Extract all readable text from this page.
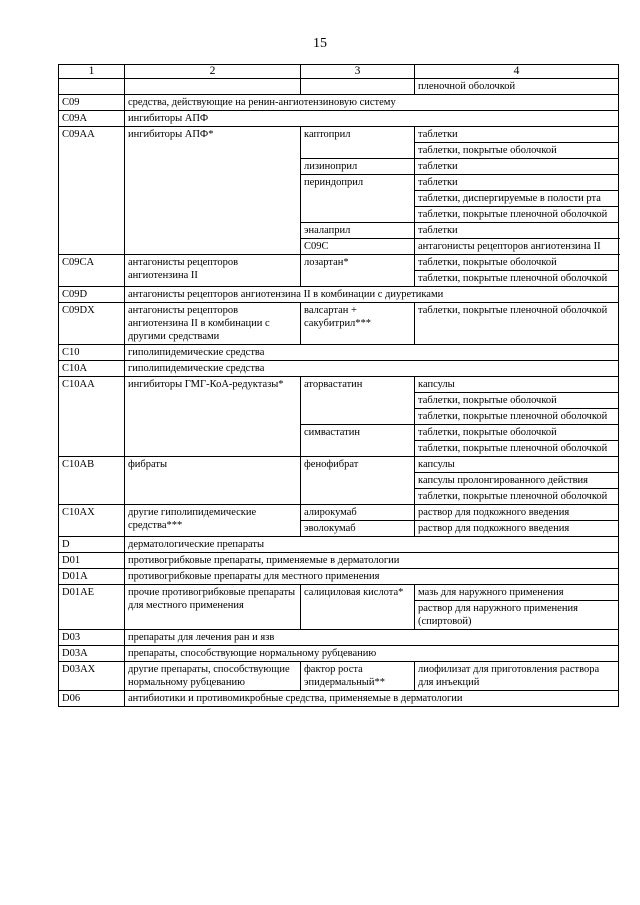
15
1	2	3	4
			пленочной оболочкой
C09	средства, действующие на ренин-ангиотензиновую систему		
C09A	ингибиторы АПФ		
C09AA	ингибиторы АПФ*	каптоприл	таблетки
			таблетки, покрытые оболочкой
		лизиноприл	таблетки
		периндоприл	таблетки
			таблетки, диспергируемые в полости рта
			таблетки, покрытые пленочной оболочкой
		эналаприл	таблетки
		C09C	антагонисты рецепторов ангиотензина II
C09CA	антагонисты рецепторов ангиотензина II	лозартан*	таблетки, покрытые оболочкой
			таблетки, покрытые пленочной оболочкой
C09D	антагонисты рецепторов ангиотензина II в комбинации с диуретиками		
C09DX	антагонисты рецепторов ангиотензина II в комбинации с другими средствами	валсартан + сакубитрил***	таблетки, покрытые пленочной оболочкой
C10	гиполипидемические средства		
C10A	гиполипидемические средства		
C10AA	ингибиторы ГМГ-КоА-редуктазы*	аторвастатин	капсулы
			таблетки, покрытые оболочкой
			таблетки, покрытые пленочной оболочкой
		симвастатин	таблетки, покрытые оболочкой
			таблетки, покрытые пленочной оболочкой
C10AB	фибраты	фенофибрат	капсулы
			капсулы пролонгированного действия
			таблетки, покрытые пленочной оболочкой
C10AX	другие гиполипидемические средства***	алирокумаб	раствор для подкожного введения
		эволокумаб	раствор для подкожного введения
D	дерматологические препараты		
D01	противогрибковые препараты, применяемые в дерматологии		
D01A	противогрибковые препараты для местного применения		
D01AE	прочие противогрибковые препараты для местного применения	салициловая кислота*	мазь для наружного применения
			раствор для наружного применения (спиртовой)
D03	препараты для лечения ран и язв		
D03A	препараты, способствующие нормальному рубцеванию		
D03AX	другие препараты, способствующие нормальному рубцеванию	фактор роста эпидермальный**	лиофилизат для приготовления раствора для инъекций
D06	антибиотики и противомикробные средства, применяемые в дерматологии		
